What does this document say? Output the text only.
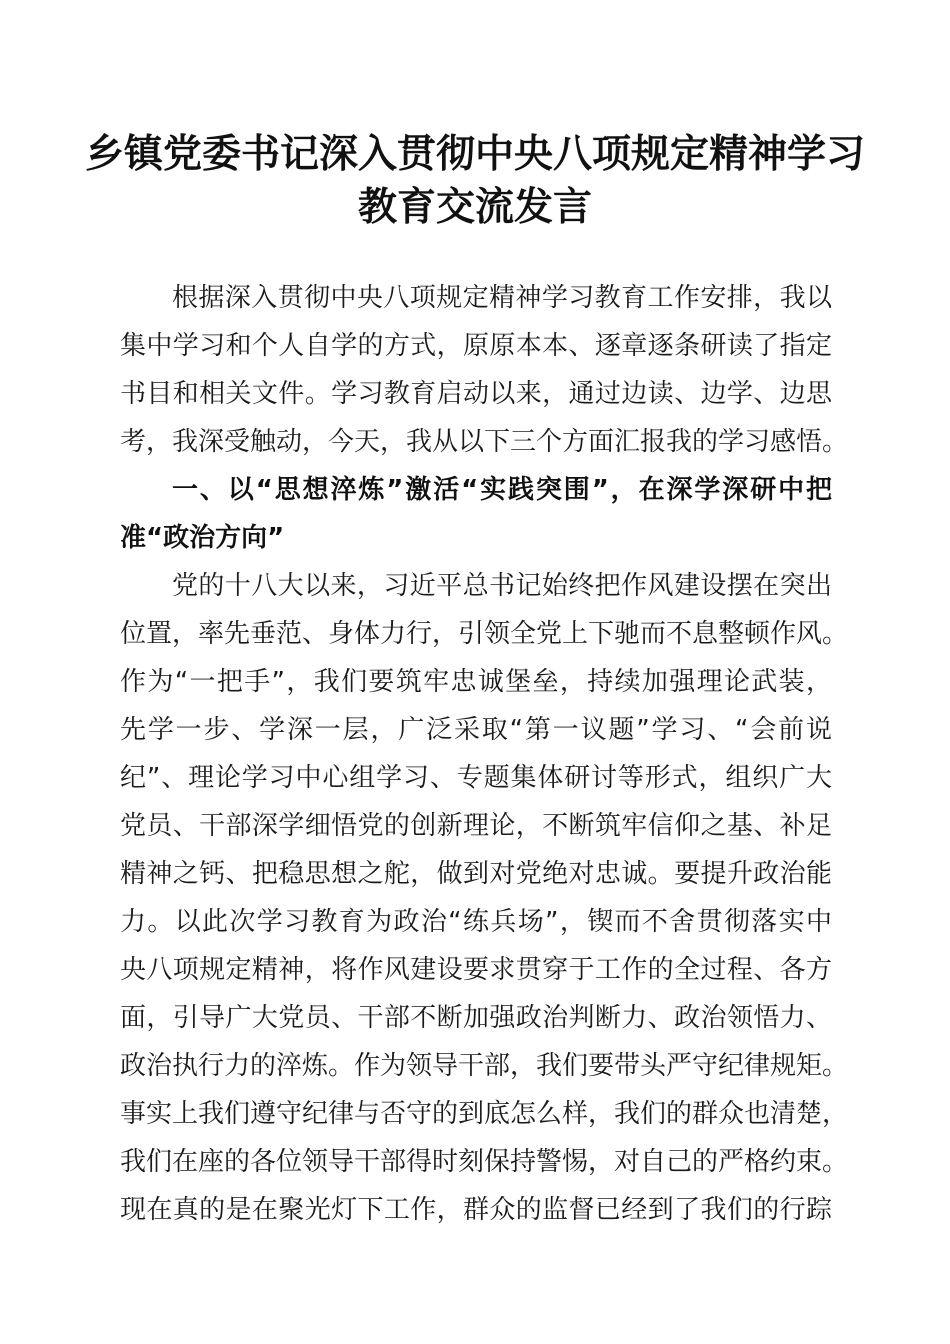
乡镇党委书记深入贯彻中央八项规定精神学习
教育交流发言
根据深入贯彻中央八项规定精神学习教育工作安排，我以
集中学习和个人自学的方式，原原本本、逐章逐条研读了指定
书目和相关文件。学习教育启动以来，通过边读、边学、边思
考，我深受触动，今天，我从以下三个方面汇报我的学习感悟。
一、以“思想淬炼”激活“实践突围”，在深学深研中把
准“政治方向”
党的十八大以来，习近平总书记始终把作风建设摆在突出
位置，率先垂范、身体力行，引领全党上下驰而不息整顿作风。
作为“一把手”，我们要筑牢忠诚堡垒，持续加强理论武装，
先学一步、学深一层，广泛采取“第一议题”学习、“会前说
纪”、理论学习中心组学习、专题集体研讨等形式，组织广大
党员、干部深学细悟党的创新理论，不断筑牢信仰之基、补足
精神之钙、把稳思想之舵，做到对党绝对忠诚。要提升政治能
力。以此次学习教育为政治“练兵场”，锲而不舍贯彻落实中
央八项规定精神，将作风建设要求贯穿于工作的全过程、各方
面，引导广大党员、干部不断加强政治判断力、政治领悟力、
政治执行力的淬炼。作为领导干部，我们要带头严守纪律规矩。
事实上我们遵守纪律与否守的到底怎么样，我们的群众也清楚，
我们在座的各位领导干部得时刻保持警惕，对自己的严格约束。
现在真的是在聚光灯下工作，群众的监督已经到了我们的行踪
